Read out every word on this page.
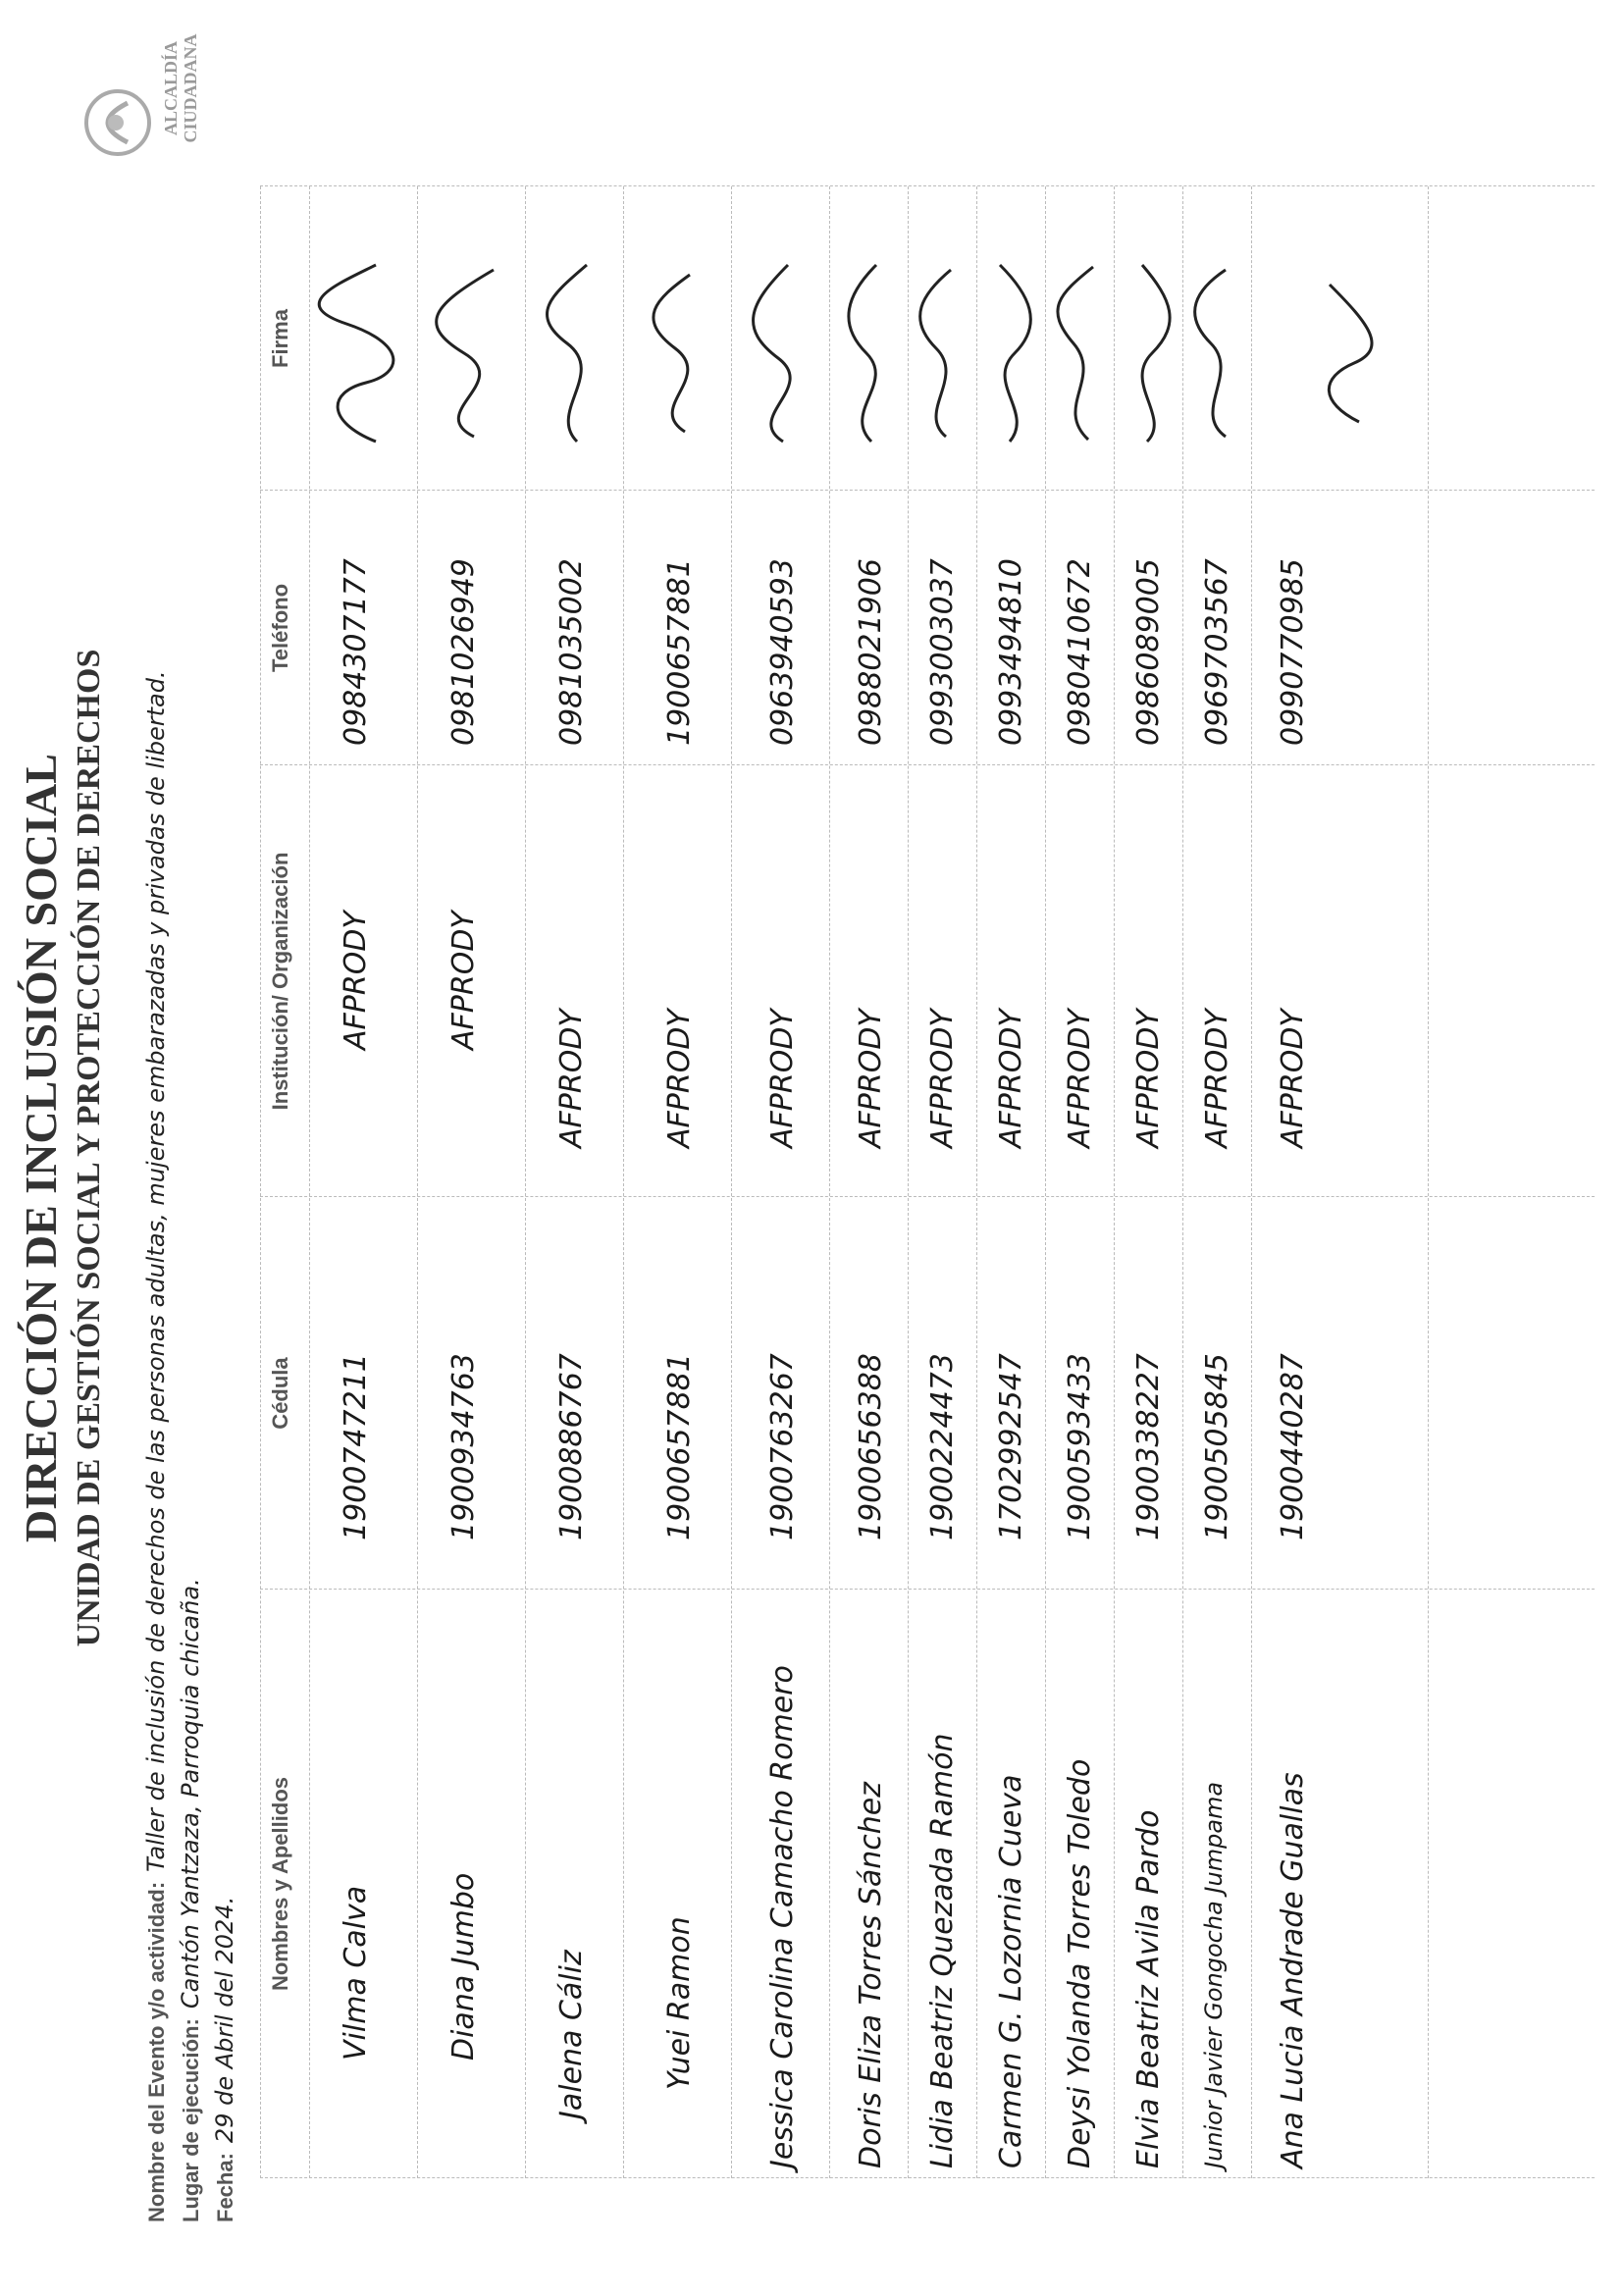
ALCALDÍA CIUDADANA
DIRECCIÓN DE INCLUSIÓN SOCIAL UNIDAD DE GESTIÓN SOCIAL Y PROTECCIÓN DE DERECHOS
Nombre del Evento y/o actividad:Taller de inclusión de derechos de las personas adultas, mujeres embarazadas y privadas de libertad.
Lugar de ejecución:Cantón Yantzaza, Parroquia chicaña.
Fecha:29 de Abril del 2024.
Nombres y Apellidos
Cédula
Institución/ Organización
Teléfono
Firma
Vilma Calva
1900747211
AFPRODY
0984307177
Diana Jumbo
1900934763
AFPRODY
0981026949
Jalena Cáliz
1900886767
AFPRODY
0981035002
Yuei Ramon
1900657881
AFPRODY
1900657881
Jessica Carolina Camacho Romero
1900763267
AFPRODY
0963940593
Doris Eliza Torres Sánchez
1900656388
AFPRODY
0988021906
Lidia Beatriz Quezada Ramón
1900224473
AFPRODY
0993003037
Carmen G. Lozornia Cueva
1702992547
AFPRODY
0993494810
Deysi Yolanda Torres Toledo
1900593433
AFPRODY
0980410672
Elvia Beatriz Avila Pardo
1900338227
AFPRODY
0986089005
Junior Javier Gongocha Jumpama
1900505845
AFPRODY
0969703567
Ana Lucia Andrade Guallas
1900440287
AFPRODY
0990770985
